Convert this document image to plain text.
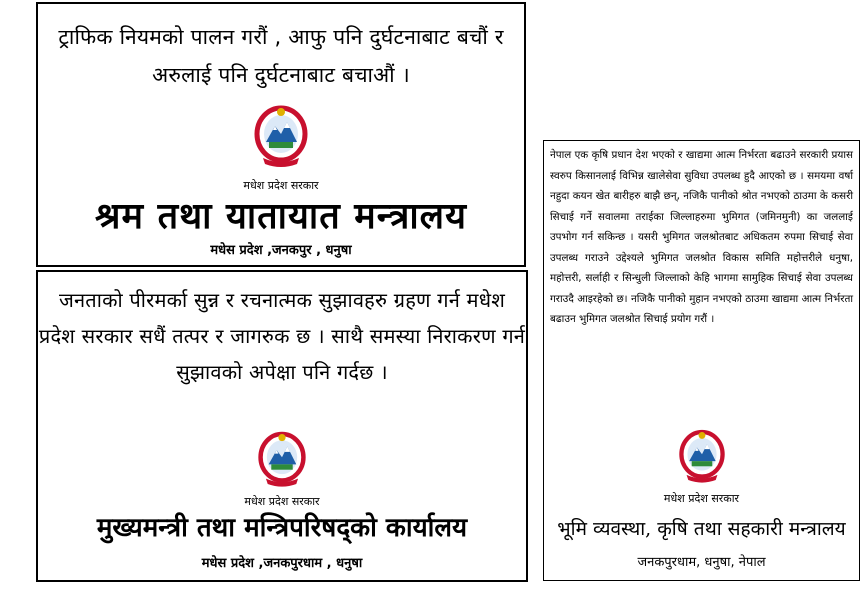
ट्राफिक नियमको पालन गरौं , आफु पनि दुर्घटनाबाट बचौं र अरुलाई पनि दुर्घटनाबाट बचाऔं ।
मधेश प्रदेश सरकार
श्रम तथा यातायात मन्त्रालय
मधेस प्रदेश ,जनकपुर , धनुषा
जनताको पीरमर्का सुन्न र रचनात्मक सुझावहरु ग्रहण गर्न मधेश प्रदेश सरकार सधैं तत्पर र जागरुक छ । साथै समस्या निराकरण गर्न सुझावको अपेक्षा पनि गर्दछ ।
मधेश प्रदेश सरकार
मुख्यमन्त्री तथा मन्त्रिपरिषद्को कार्यालय
मधेस प्रदेश ,जनकपुरधाम , धनुषा
नेपाल एक कृषि प्रधान देश भएको र खाद्यमा आत्म निर्भरता बढाउने सरकारी प्रयास स्वरुप किसानलाई विभिन्न खालेसेवा सुविधा उपलब्ध हुदै आएको छ । समयमा वर्षा नहुदा कयन खेत बारीहरु बाझै छन्, नजिकै पानीको श्रोत नभएको ठाउमा के कसरी सिचाई गर्ने सवालमा तराईका जिल्लाहरुमा भुमिगत (जमिनमुनी) का जललाई उपभोग गर्न सकिन्छ । यसरी भुमिगत जलश्रोतबाट अधिकतम रुपमा सिचाई सेवा उपलब्ध गराउने उद्देश्यले भुमिगत जलश्रोत विकास समिति महोत्तरीले धनुषा, महोत्तरी, सर्लाही र सिन्धुली जिल्लाको केहि भागमा सामुहिक सिचाई सेवा उपलब्ध गराउदै आइरहेको छ। नजिकै पानीको मुहान नभएको ठाउमा खाद्यमा आत्म निर्भरता बढाउन भुमिगत जलश्रोत सिचाई प्रयोग गरौं ।
मधेश प्रदेश सरकार
भूमि व्यवस्था, कृषि तथा सहकारी मन्त्रालय
जनकपुरधाम, धनुषा, नेपाल
